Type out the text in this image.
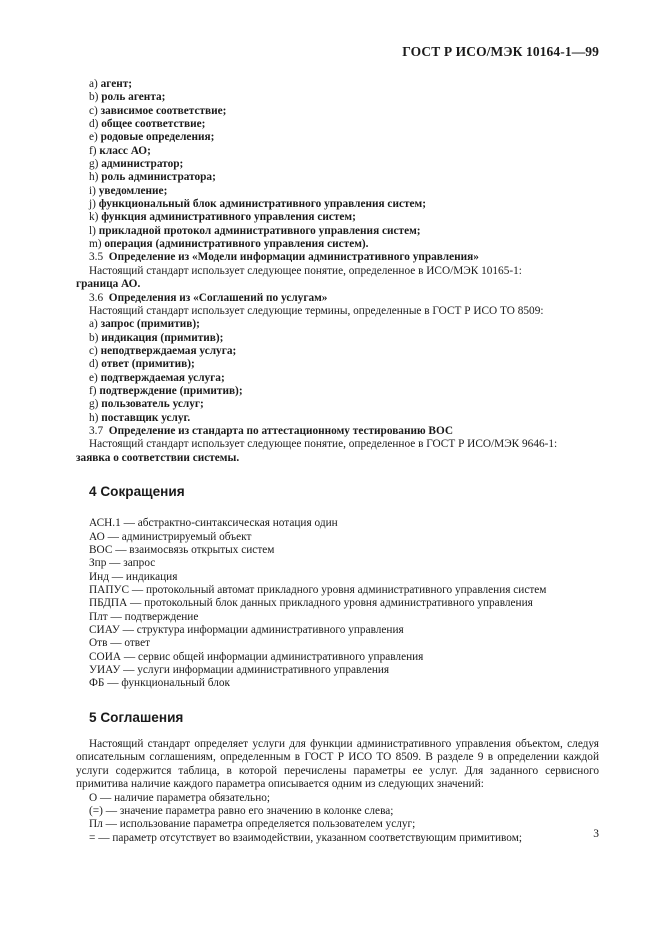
ГОСТ Р ИСО/МЭК 10164-1—99
a) агент;
b) роль агента;
c) зависимое соответствие;
d) общее соответствие;
e) родовые определения;
f) класс АО;
g) администратор;
h) роль администратора;
i) уведомление;
j) функциональный блок административного управления систем;
k) функция административного управления систем;
l) прикладной протокол административного управления систем;
m) операция (административного управления систем).
3.5 Определение из «Модели информации административного управления»
Настоящий стандарт использует следующее понятие, определенное в ИСО/МЭК 10165-1:
граница АО.
3.6 Определения из «Соглашений по услугам»
Настоящий стандарт использует следующие термины, определенные в ГОСТ Р ИСО ТО 8509:
a) запрос (примитив);
b) индикация (примитив);
c) неподтверждаемая услуга;
d) ответ (примитив);
e) подтверждаемая услуга;
f) подтверждение (примитив);
g) пользователь услуг;
h) поставщик услуг.
3.7 Определение из стандарта по аттестационному тестированию ВОС
Настоящий стандарт использует следующее понятие, определенное в ГОСТ Р ИСО/МЭК 9646-1:
заявка о соответствии системы.
4 Сокращения
АСН.1 — абстрактно-синтаксическая нотация один
АО — администрируемый объект
ВОС — взаимосвязь открытых систем
Зпр — запрос
Инд — индикация
ПАПУС — протокольный автомат прикладного уровня административного управления систем
ПБДПА — протокольный блок данных прикладного уровня административного управления
Плт — подтверждение
СИАУ — структура информации административного управления
Отв — ответ
СОИА — сервис общей информации административного управления
УИАУ — услуги информации административного управления
ФБ — функциональный блок
5 Соглашения
Настоящий стандарт определяет услуги для функции административного управления объектом, следуя описательным соглашениям, определенным в ГОСТ Р ИСО ТО 8509. В разделе 9 в определении каждой услуги содержится таблица, в которой перечислены параметры ее услуг. Для заданного сервисного примитива наличие каждого параметра описывается одним из следующих значений:
О — наличие параметра обязательно;
(=) — значение параметра равно его значению в колонке слева;
Пл — использование параметра определяется пользователем услуг;
= — параметр отсутствует во взаимодействии, указанном соответствующим примитивом;	3
